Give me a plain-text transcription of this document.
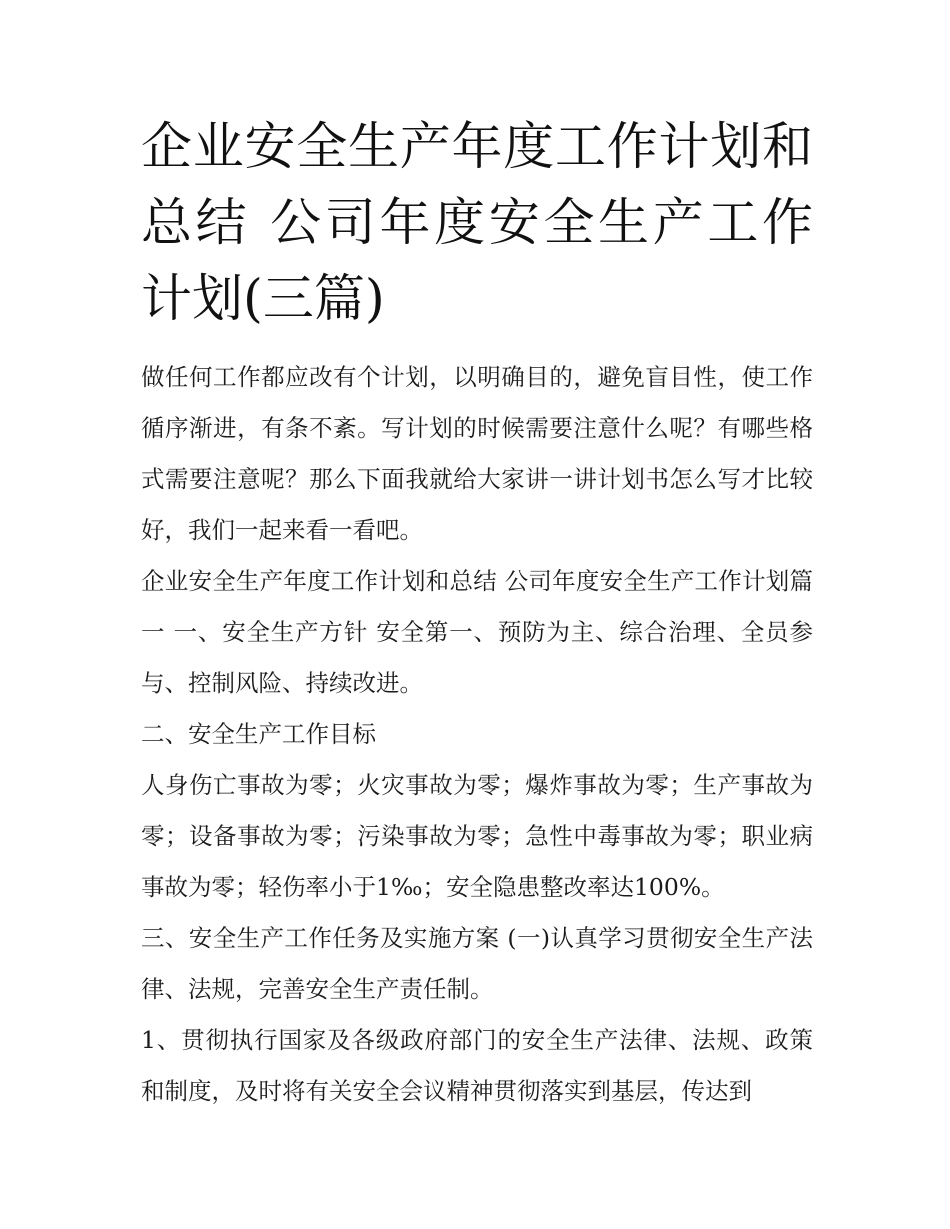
企业安全生产年度工作计划和总结 公司年度安全生产工作计划(三篇)

做任何工作都应改有个计划，以明确目的，避免盲目性，使工作循序渐进，有条不紊。写计划的时候需要注意什么呢？有哪些格式需要注意呢？那么下面我就给大家讲一讲计划书怎么写才比较好，我们一起来看一看吧。

企业安全生产年度工作计划和总结 公司年度安全生产工作计划篇一 一、安全生产方针 安全第一、预防为主、综合治理、全员参与、控制风险、持续改进。

二、安全生产工作目标

人身伤亡事故为零；火灾事故为零；爆炸事故为零；生产事故为零；设备事故为零；污染事故为零；急性中毒事故为零；职业病事故为零；轻伤率小于1‰；安全隐患整改率达100%。

三、安全生产工作任务及实施方案 (一)认真学习贯彻安全生产法律、法规，完善安全生产责任制。

1、贯彻执行国家及各级政府部门的安全生产法律、法规、政策和制度，及时将有关安全会议精神贯彻落实到基层，传达到
